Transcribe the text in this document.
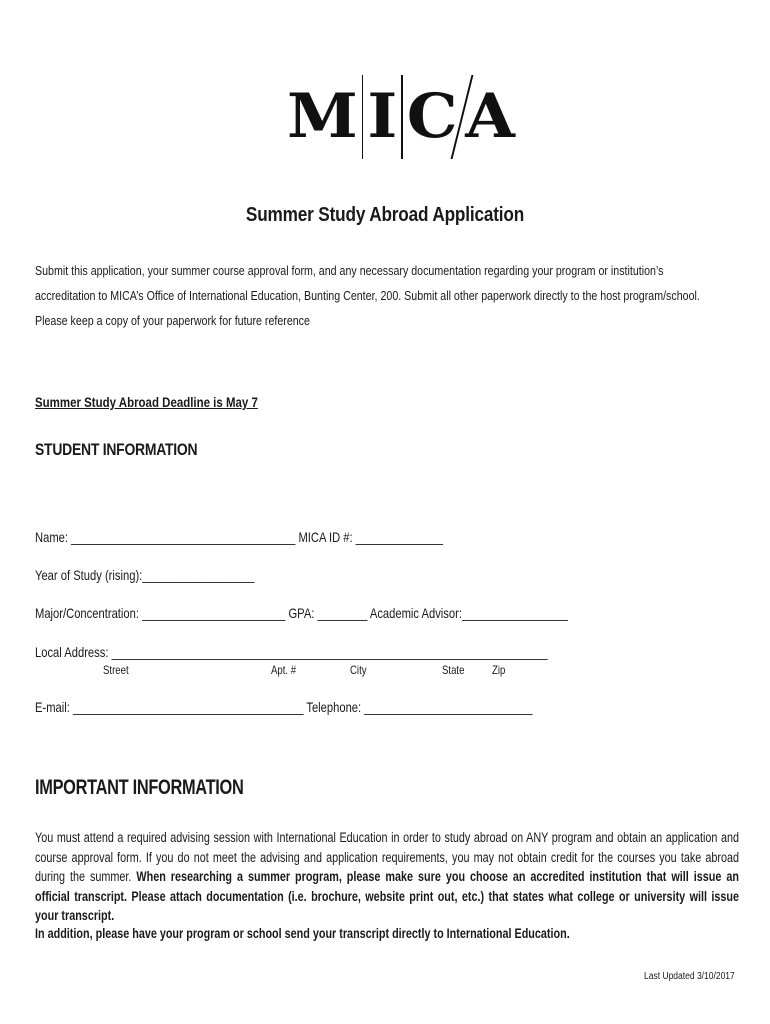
M I C A
Summer Study Abroad Application
Submit this application, your summer course approval form, and any necessary documentation regarding your program or institution’s accreditation to MICA’s Office of International Education, Bunting Center, 200. Submit all other paperwork directly to the host program/school. Please keep a copy of your paperwork for future reference
Summer Study Abroad Deadline is May 7
STUDENT INFORMATION
Name: ____________________________________ MICA ID #: ______________
Year of Study (rising):__________________
Major/Concentration: _______________________ GPA: ________ Academic Advisor:_________________
Local Address: ______________________________________________________________________
Street	Apt. #	City	State Zip
E-mail: _____________________________________ Telephone: ___________________________
IMPORTANT INFORMATION
You must attend a required advising session with International Education in order to study abroad on ANY program and obtain an application and course approval form. If you do not meet the advising and application requirements, you may not obtain credit for the courses you take abroad during the summer. When researching a summer program, please make sure you choose an accredited institution that will issue an official transcript. Please attach documentation (i.e. brochure, website print out, etc.) that states what college or university will issue your transcript.
In addition, please have your program or school send your transcript directly to International Education.
Last Updated 3/10/2017
